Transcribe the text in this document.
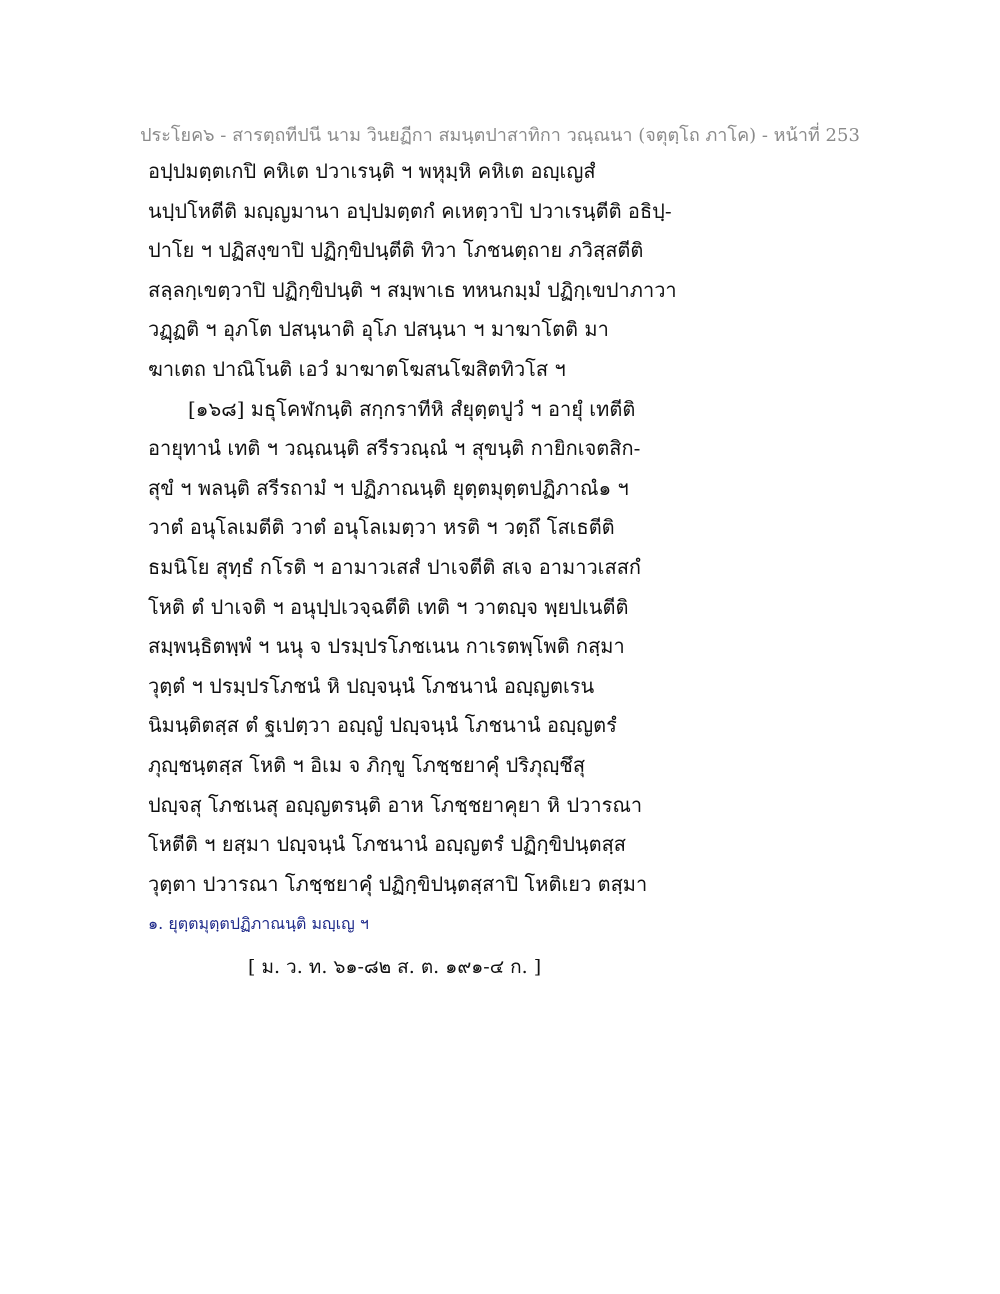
ประโยค๖ - สารตฺถทีปนี นาม วินยฏีกา สมนฺตปาสาทิกา วณฺณนา (จตุตฺโถ ภาโค) - หน้าที่ 253
อปฺปมตฺตเกปิ คหิเต ปวาเรนฺติ ฯ พหุมฺหิ คหิเต อญฺเญสํ
นปฺปโหตีติ มญฺญมานา อปฺปมตฺตกํ คเหตฺวาปิ ปวาเรนฺตีติ อธิปฺ-
ปาโย ฯ ปฏิสงฺขาปิ ปฏิกฺขิปนฺตีติ ทิวา โภชนตฺถาย ภวิสฺสตีติ
สลฺลกฺเขตฺวาปิ ปฏิกฺขิปนฺติ ฯ สมฺพาเธ ทหนกมฺมํ ปฏิกฺเขปาภาวา
วฏฺฏติ ฯ อุภโต ปสนฺนาติ อุโภ ปสนฺนา ฯ มาฆาโตติ มา
ฆาเตถ ปาณิโนติ เอวํ มาฆาตโฆสนโฆสิตทิวโส ฯ
[๑๖๘] มธุโคฬกนฺติ สกฺกราทีหิ สํยุตฺตปูวํ ฯ อายุํ เทตีติ
อายุทานํ เทติ ฯ วณฺณนฺติ สรีรวณฺณํ ฯ สุขนฺติ กายิกเจตสิก-
สุขํ ฯ พลนฺติ สรีรถามํ ฯ ปฏิภาณนฺติ ยุตฺตมุตฺตปฏิภาณํ๑ ฯ
วาตํ อนุโลเมตีติ วาตํ อนุโลเมตฺวา หรติ ฯ วตฺถึ โสเธตีติ
ธมนิโย สุทฺธํ กโรติ ฯ อามาวเสสํ ปาเจตีติ สเจ อามาวเสสกํ
โหติ ตํ ปาเจติ ฯ อนุปฺปเวจฺฉตีติ เทติ ฯ วาตญฺจ พฺยปเนตีติ
สมฺพนฺธิตพฺพํ ฯ นนุ จ ปรมฺปรโภชเนน กาเรตพฺโพติ กสฺมา
วุตฺตํ ฯ ปรมฺปรโภชนํ หิ ปญฺจนฺนํ โภชนานํ อญฺญตเรน
นิมนฺติตสฺส ตํ ฐเปตฺวา อญฺญํ ปญฺจนฺนํ โภชนานํ อญฺญตรํ
ภุญฺชนฺตสฺส โหติ ฯ อิเม จ ภิกฺขู โภชฺชยาคุํ ปริภุญฺชึสุ
ปญฺจสุ โภชเนสุ อญฺญตรนฺติ อาห โภชฺชยาคุยา หิ ปวารณา
โหตีติ ฯ ยสฺมา ปญฺจนฺนํ โภชนานํ อญฺญตรํ ปฏิกฺขิปนฺตสฺส
วุตฺตา ปวารณา โภชฺชยาคุํ ปฏิกฺขิปนฺตสฺสาปิ โหติเยว ตสฺมา
๑. ยุตฺตมุตฺตปฏิภาณนฺติ มญฺเญ ฯ
[ ม. ว. ท. ๖๑-๘๒ ส. ต. ๑๙๑-๔ ก. ]
